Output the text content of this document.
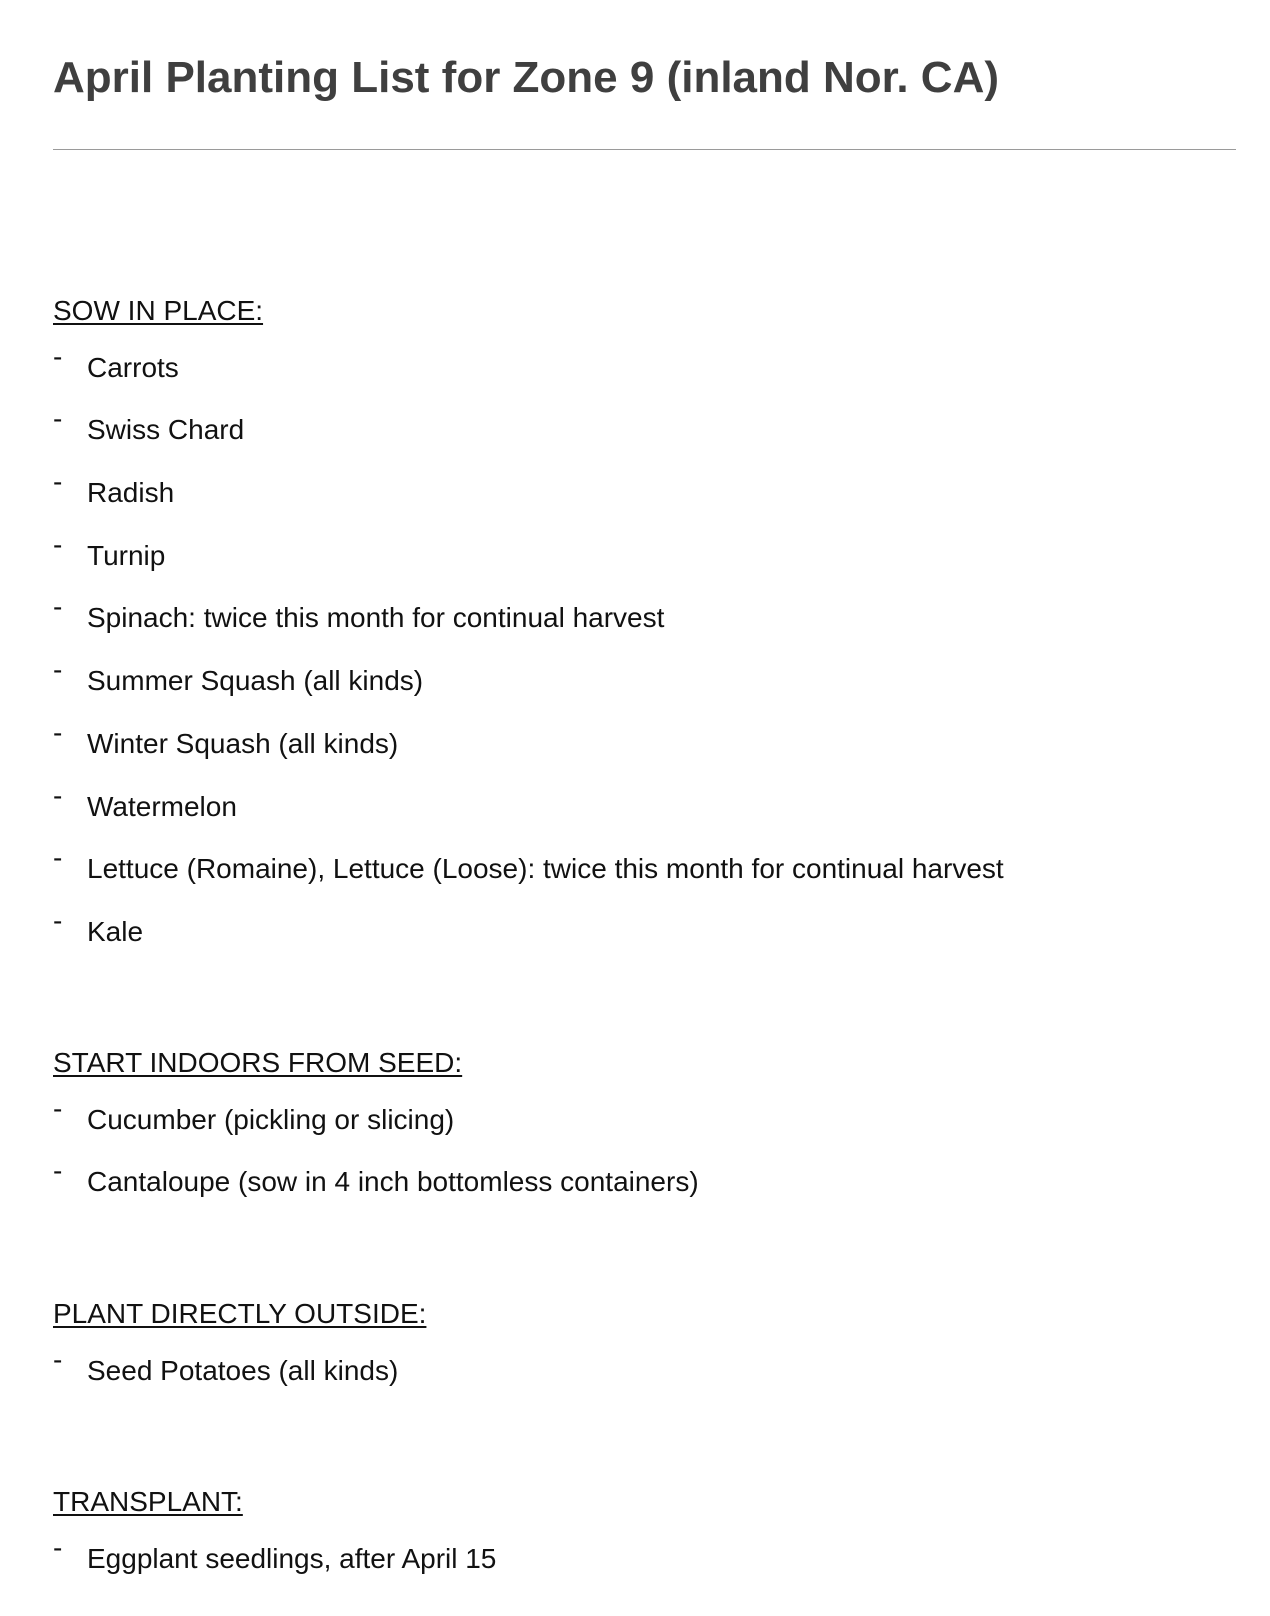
April Planting List for Zone 9 (inland Nor. CA)
SOW IN PLACE:
- Carrots
- Swiss Chard
- Radish
- Turnip
- Spinach: twice this month for continual harvest
- Summer Squash (all kinds)
- Winter Squash (all kinds)
- Watermelon
- Lettuce (Romaine), Lettuce (Loose): twice this month for continual harvest
- Kale
START INDOORS FROM SEED:
- Cucumber (pickling or slicing)
- Cantaloupe (sow in 4 inch bottomless containers)
PLANT DIRECTLY OUTSIDE:
- Seed Potatoes (all kinds)
TRANSPLANT:
- Eggplant seedlings, after April 15
